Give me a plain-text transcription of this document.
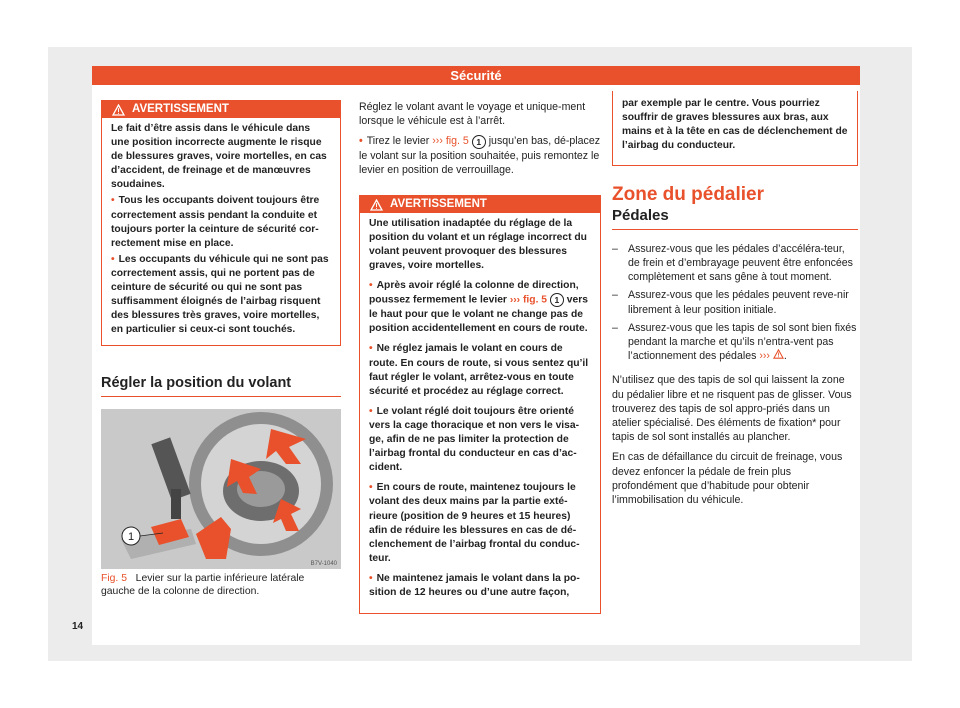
Sécurité
AVERTISSEMENT

Le fait d’être assis dans le véhicule dans une position incorrecte augmente le risque de blessures graves, voire mortelles, en cas d’accident, de freinage et de manœuvres soudaines.

• Tous les occupants doivent toujours être correctement assis pendant la conduite et toujours porter la ceinture de sécurité cor-rectement mise en place.

• Les occupants du véhicule qui ne sont pas correctement assis, qui ne portent pas de ceinture de sécurité ou qui ne sont pas suffisamment éloignés de l’airbag risquent des blessures très graves, voire mortelles, en particulier si ceux-ci sont touchés.

Régler la position du volant
1
B7V-1040
Fig. 5 Levier sur la partie inférieure latérale gauche de la colonne de direction.

Réglez le volant avant le voyage et unique-ment lorsque le véhicule est à l’arrêt.

• Tirez le levier ››› fig. 5 1 jusqu’en bas, dé-placez le volant sur la position souhaitée, puis remontez le levier en position de verrouillage.

AVERTISSEMENT

Une utilisation inadaptée du réglage de la position du volant et un réglage incorrect du volant peuvent provoquer des blessures graves, voire mortelles.

• Après avoir réglé la colonne de direction, poussez fermement le levier ››› fig. 5 1 vers le haut pour que le volant ne change pas de position accidentellement en cours de route.

• Ne réglez jamais le volant en cours de route. En cours de route, si vous sentez qu’il faut régler le volant, arrêtez-vous en toute sécurité et procédez au réglage correct.

• Le volant réglé doit toujours être orienté vers la cage thoracique et non vers le visa-ge, afin de ne pas limiter la protection de l’airbag frontal du conducteur en cas d’ac-cident.

• En cours de route, maintenez toujours le volant des deux mains par la partie exté-rieure (position de 9 heures et 15 heures) afin de réduire les blessures en cas de dé-clenchement de l’airbag frontal du conduc-teur.

• Ne maintenez jamais le volant dans la po-sition de 12 heures ou d’une autre façon,

par exemple par le centre. Vous pourriez souffrir de graves blessures aux bras, aux mains et à la tête en cas de déclenchement de l’airbag du conducteur.

Zone du pédalier
Pédales
– Assurez-vous que les pédales d’accéléra-teur, de frein et d’embrayage peuvent être enfoncées complètement et sans gêne à tout moment.
– Assurez-vous que les pédales peuvent reve-nir librement à leur position initiale.
– Assurez-vous que les tapis de sol sont bien fixés pendant la marche et qu’ils n’entra-vent pas l’actionnement des pédales ››› .

N’utilisez que des tapis de sol qui laissent la zone du pédalier libre et ne risquent pas de glisser. Vous trouverez des tapis de sol appro-priés dans un atelier spécialisé. Des éléments de fixation* pour tapis de sol sont installés au plancher.

En cas de défaillance du circuit de freinage, vous devez enfoncer la pédale de frein plus profondément que d’habitude pour obtenir l’immobilisation du véhicule.

14
